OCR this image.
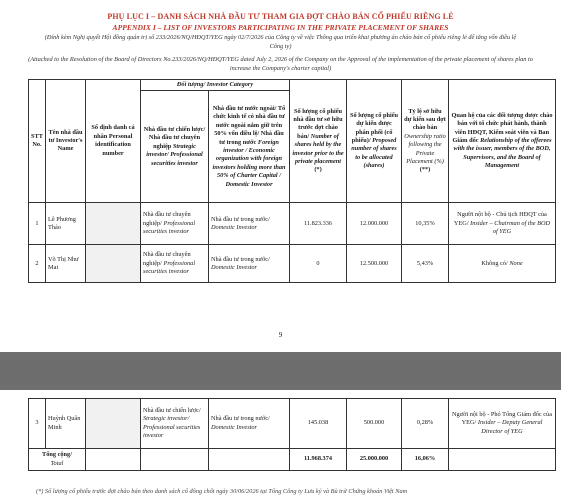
PHỤ LỤC I – DANH SÁCH NHÀ ĐẦU TƯ THAM GIA ĐỢT CHÀO BÁN CỔ PHIẾU RIÊNG LẺ
APPENDIX I – LIST OF INVESTORS PARTICIPATING IN THE PRIVATE PLACEMENT OF SHARES
(Đính kèm Nghị quyết Hội đồng quản trị số 233/2026/NQ/HĐQT/YEG ngày 02/7/2026 của Công ty về việc Thông qua triển khai phương án chào bán cổ phiếu riêng lẻ để tăng vốn điều lệ Công ty)
(Attached to the Resolution of the Board of Directors No.233/2026/NQ/HĐQT/YEG dated July 2, 2026 of the Company on the Approval of the implementation of the private placement of shares plan to increase the Company's charter capital)
STT No.	Tên nhà đầu tư Investor's Name	Số định danh cá nhân Personal identification number	Đối tượng/ Investor Category		Số lượng cổ phiếu nhà đầu tư sở hữu trước đợt chào bán/ Number of shares held by the investor prior to the private placement (*)	Số lượng cổ phiếu dự kiến được phân phối (cổ phiếu)/ Proposed number of shares to be allocated (shares)	Tỷ lệ sở hữu dự kiến sau đợt chào bán Ownership ratio following the Private Placement (%) (**)	Quan hệ của các đối tượng được chào bán với tổ chức phát hành, thành viên HĐQT, Kiểm soát viên và Ban Giám đốc Relationship of the offerees with the issuer, members of the BOD, Supervisors, and the Board of Management
			Nhà đầu tư chiến lược/ Nhà đầu tư chuyên nghiệp Strategic investor/ Professional securities investor	Nhà đầu tư nước ngoài/ Tổ chức kinh tế có nhà đầu tư nước ngoài nắm giữ trên 50% vốn điều lệ/ Nhà đầu tư trong nước Foreign investor / Economic organization with foreign investors holding more than 50% of Charter Capital / Domestic Investor				
1	Lê Phương Thảo		Nhà đầu tư chuyên nghiệp/ Professional securities investor	Nhà đầu tư trong nước/ Domestic Investor	11.823.336	12.000.000	10,35%	Người nội bộ - Chủ tịch HĐQT của YEG/ Insider – Chairman of the BOD of YEG
2	Võ Thị Như Mai		Nhà đầu tư chuyên nghiệp/ Professional securities investor	Nhà đầu tư trong nước/ Domestic Investor	0	12.500.000	5,43%	Không có/ None
9
3	Huỳnh Quân Minh		Nhà đầu tư chiến lược/ Strategic investor/ Professional securities investor	Nhà đầu tư trong nước/ Domestic Investor	145.038	500.000	0,28%	Người nội bộ - Phó Tổng Giám đốc của YEG/ Insider – Deputy General Director of YEG
Tổng cộng/
Total					11.968.374	25.000.000	16,06%	
(*) Số lượng cổ phiếu trước đợt chào bán theo danh sách cổ đông chốt ngày 30/06/2026 tại Tổng Công ty Lưu ký và Bù trừ Chứng khoán Việt Nam
